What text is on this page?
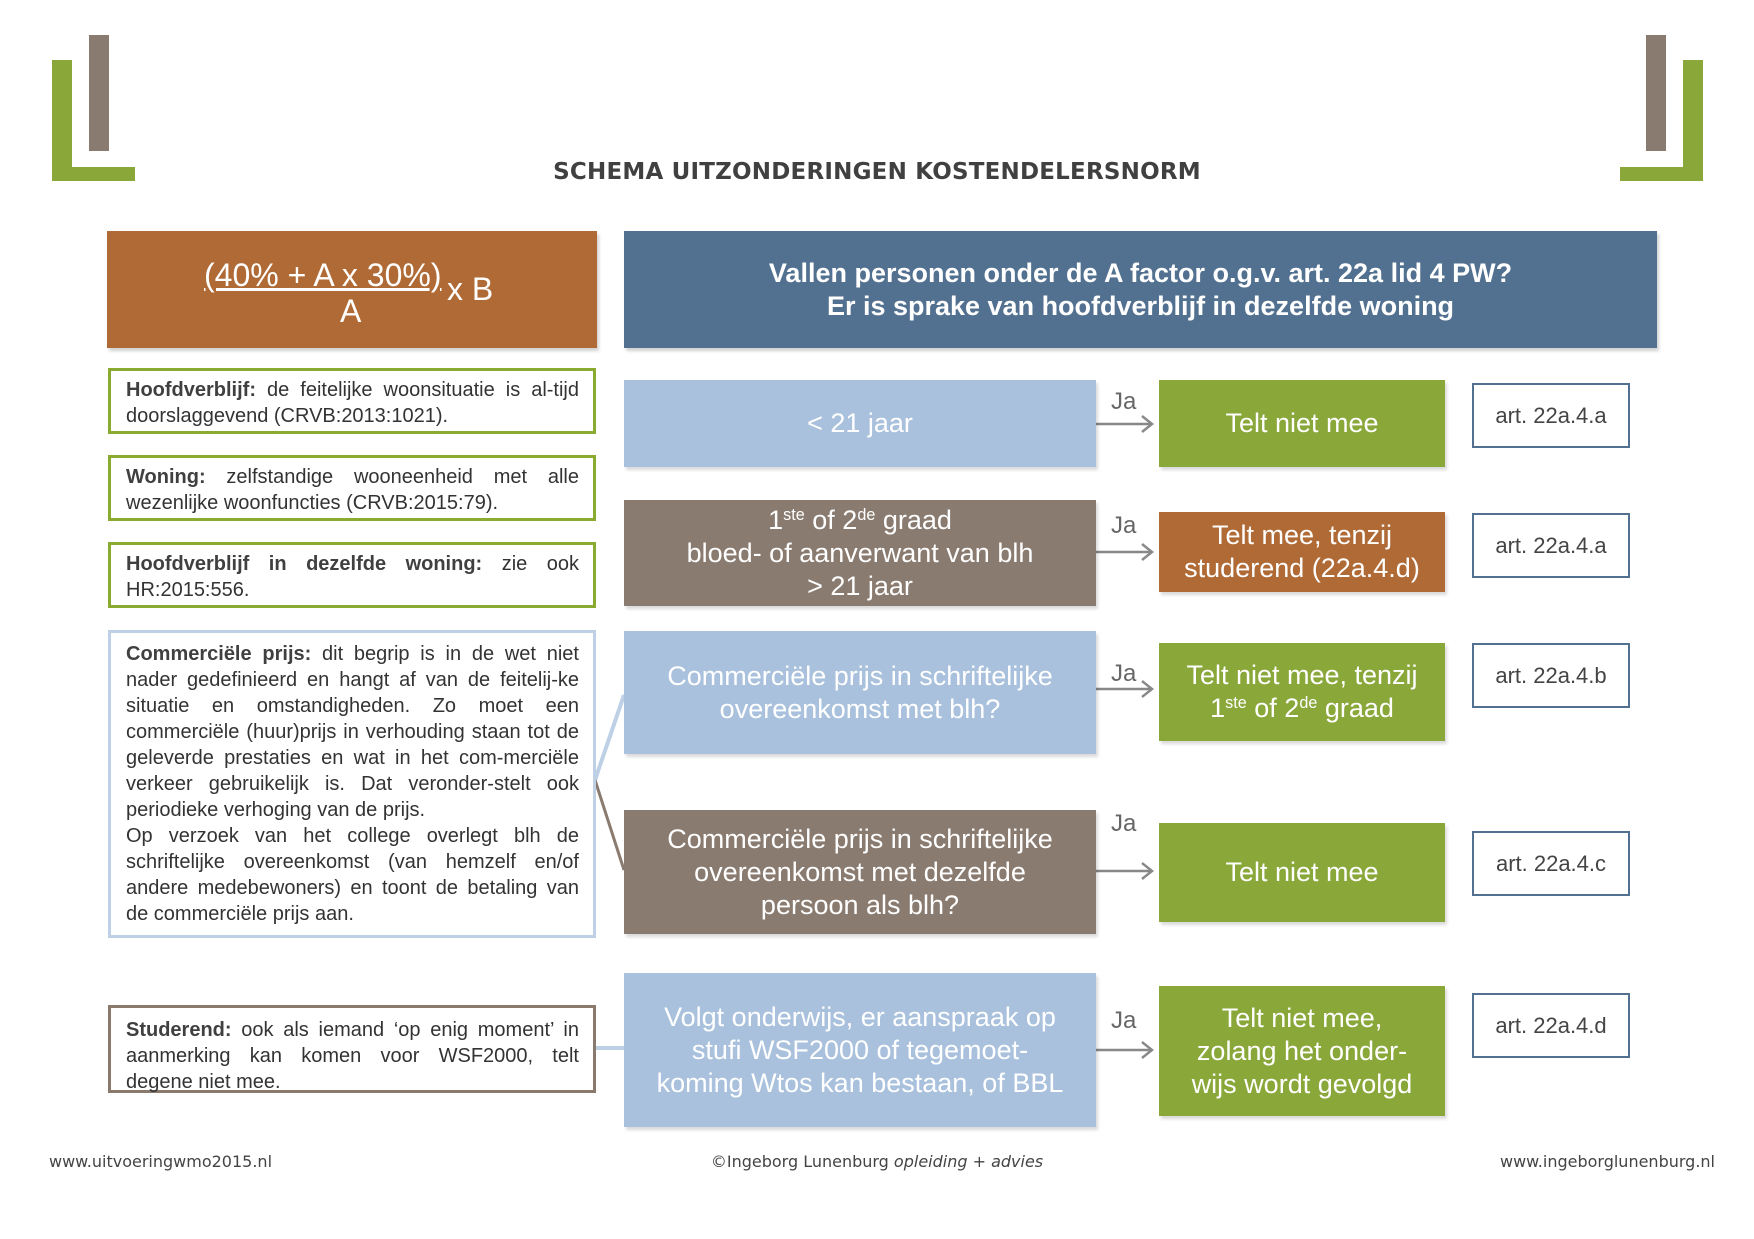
SCHEMA UITZONDERINGEN KOSTENDELERSNORM
(40% + A x 30%) x B
A
Vallen personen onder de A factor o.g.v. art. 22a lid 4 PW?
Er is sprake van hoofdverblijf in dezelfde woning
Hoofdverblijf: de feitelijke woonsituatie is al-tijd doorslaggevend (CRVB:2013:1021).
Woning: zelfstandige wooneenheid met alle wezenlijke woonfuncties (CRVB:2015:79).
Hoofdverblijf in dezelfde woning: zie ook HR:2015:556.
Commerciële prijs: dit begrip is in de wet niet nader gedefinieerd en hangt af van de feitelij-ke situatie en omstandigheden. Zo moet een commerciële (huur)prijs in verhouding staan tot de geleverde prestaties en wat in het com-merciële verkeer gebruikelijk is. Dat veronder-stelt ook periodieke verhoging van de prijs.
Op verzoek van het college overlegt blh de schriftelijke overeenkomst (van hemzelf en/of andere medebewoners) en toont de betaling van de commerciële prijs aan.
Studerend: ook als iemand ‘op enig moment’ in aanmerking kan komen voor WSF2000, telt degene niet mee.
< 21 jaar
Ja
Telt niet mee	art. 22a.4.a
1ste of 2de graad
bloed- of aanverwant van blh
> 21 jaar
Ja	Telt mee, tenzij
studerend (22a.4.d)
art. 22a.4.a
Commerciële prijs in schriftelijke
overeenkomst met blh?
Ja Telt niet mee, tenzij
1ste of 2de graad
art. 22a.4.b
Commerciële prijs in schriftelijke
overeenkomst met dezelfde
persoon als blh?
Ja
Telt niet mee	art. 22a.4.c
Volgt onderwijs, er aanspraak op
stufi WSF2000 of tegemoet-
koming Wtos kan bestaan, of BBL
Ja	Telt niet mee,
zolang het onder-
wijs wordt gevolgd
art. 22a.4.d
www.uitvoeringwmo2015.nl	©Ingeborg Lunenburg opleiding + advies	www.ingeborglunenburg.nl
